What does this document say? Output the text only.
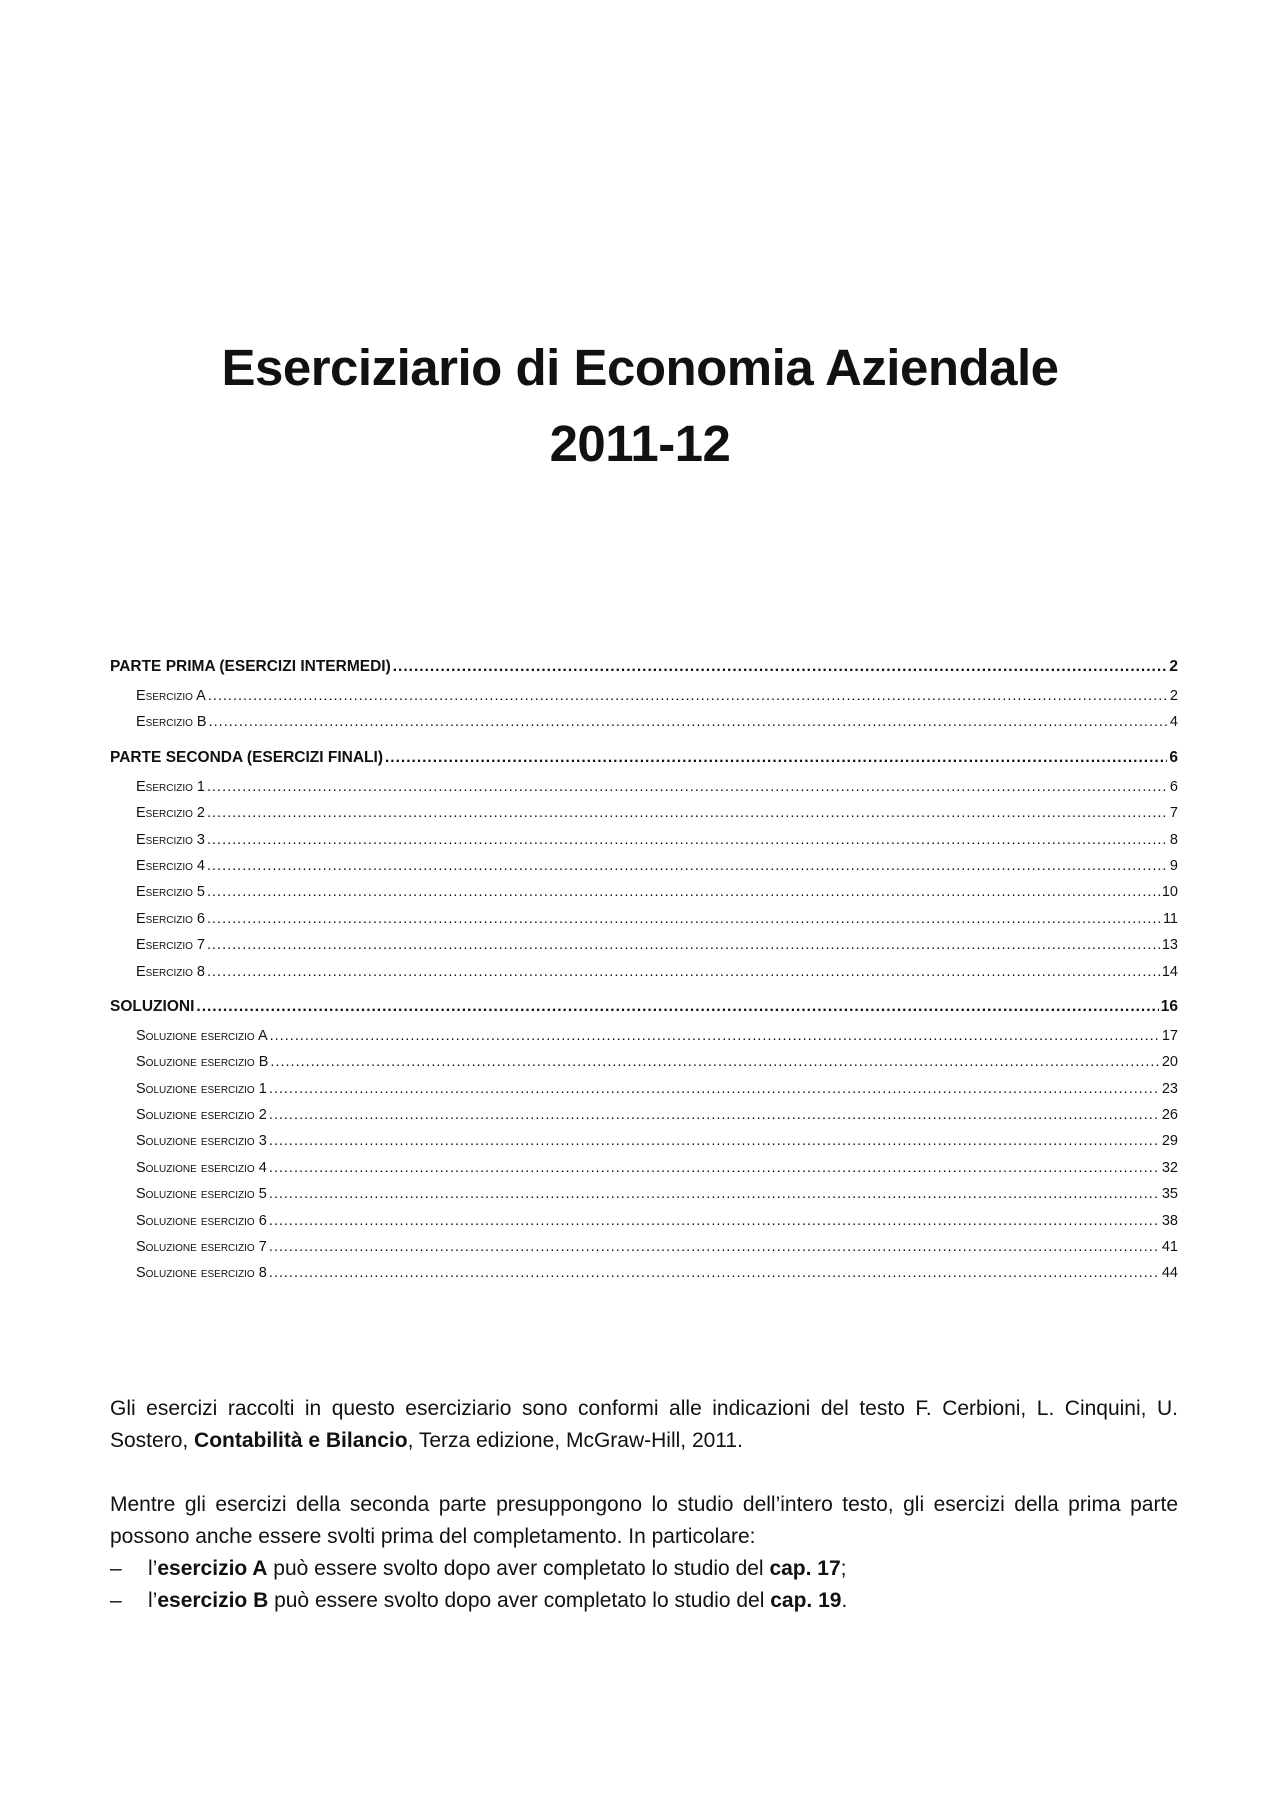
Eserciziario di Economia Aziendale
2011-12
PARTE PRIMA (ESERCIZI INTERMEDI) .....	2
Esercizio A .....	2
Esercizio B .....	4
PARTE SECONDA (ESERCIZI FINALI) .....	6
Esercizio 1 .....	6
Esercizio 2 .....	7
Esercizio 3 .....	8
Esercizio 4 .....	9
Esercizio 5 .....	10
Esercizio 6 .....	11
Esercizio 7 .....	13
Esercizio 8 .....	14
SOLUZIONI .....	16
Soluzione esercizio A .....	17
Soluzione esercizio B .....	20
Soluzione esercizio 1 .....	23
Soluzione esercizio 2 .....	26
Soluzione esercizio 3 .....	29
Soluzione esercizio 4 .....	32
Soluzione esercizio 5 .....	35
Soluzione esercizio 6 .....	38
Soluzione esercizio 7 .....	41
Soluzione esercizio 8 .....	44

Gli esercizi raccolti in questo eserciziario sono conformi alle indicazioni del testo F. Cerbioni, L. Cinquini, U. Sostero, Contabilità e Bilancio, Terza edizione, McGraw-Hill, 2011.

Mentre gli esercizi della seconda parte presuppongono lo studio dell’intero testo, gli esercizi della prima parte possono anche essere svolti prima del completamento. In particolare:
–	l’esercizio A può essere svolto dopo aver completato lo studio del cap. 17;
–	l’esercizio B può essere svolto dopo aver completato lo studio del cap. 19.
